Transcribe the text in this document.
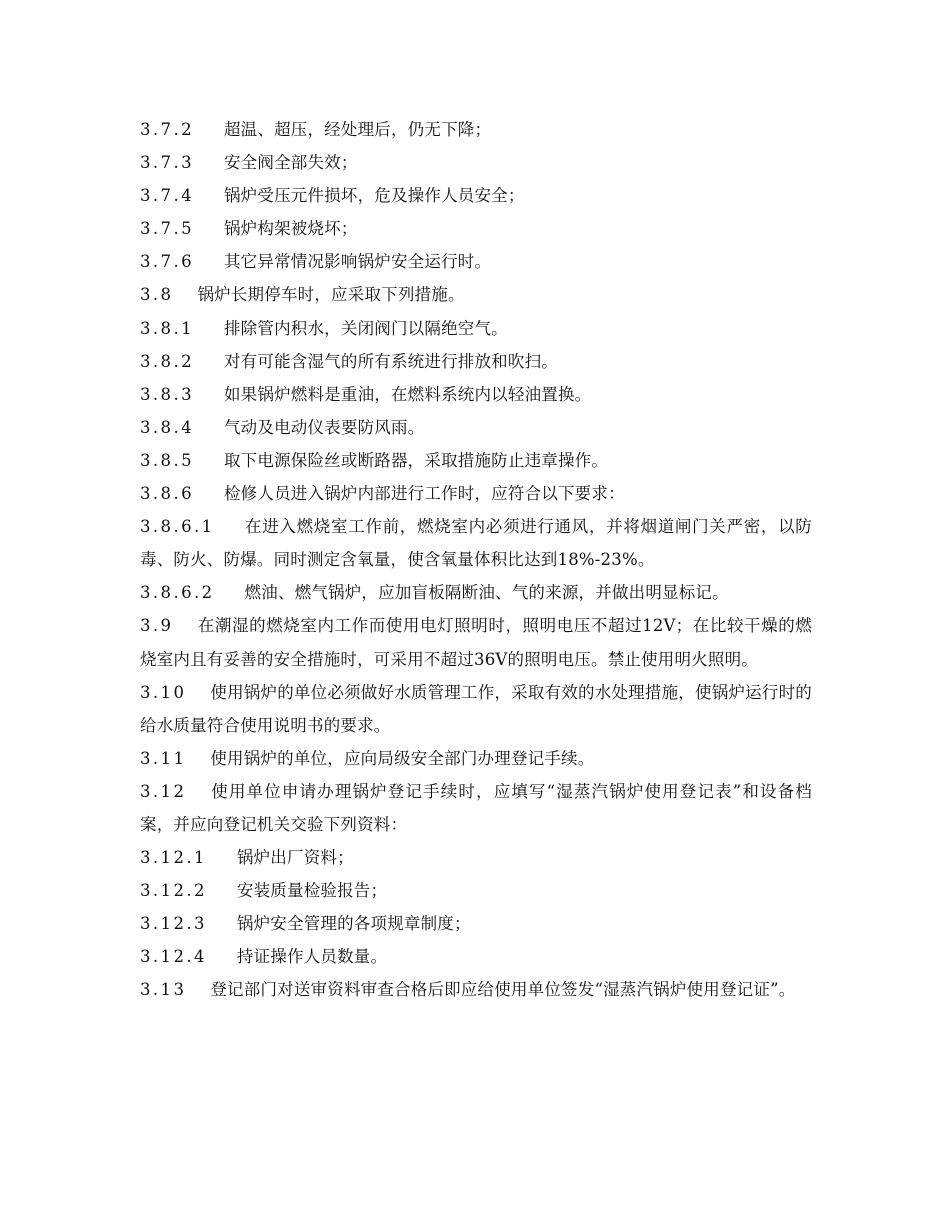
3.7.2 超温、超压，经处理后，仍无下降；

3.7.3 安全阀全部失效；

3.7.4 锅炉受压元件损坏，危及操作人员安全；

3.7.5 锅炉构架被烧坏；

3.7.6 其它异常情况影响锅炉安全运行时。

3.8 锅炉长期停车时，应采取下列措施。

3.8.1 排除管内积水，关闭阀门以隔绝空气。

3.8.2 对有可能含湿气的所有系统进行排放和吹扫。

3.8.3 如果锅炉燃料是重油，在燃料系统内以轻油置换。

3.8.4 气动及电动仪表要防风雨。

3.8.5 取下电源保险丝或断路器，采取措施防止违章操作。

3.8.6 检修人员进入锅炉内部进行工作时，应符合以下要求：

3.8.6.1 在进入燃烧室工作前，燃烧室内必须进行通风，并将烟道闸门关严密，以防毒、防火、防爆。同时测定含氧量，使含氧量体积比达到18%-23%。

3.8.6.2 燃油、燃气锅炉，应加盲板隔断油、气的来源，并做出明显标记。

3.9 在潮湿的燃烧室内工作而使用电灯照明时，照明电压不超过12V；在比较干燥的燃烧室内且有妥善的安全措施时，可采用不超过36V的照明电压。禁止使用明火照明。

3.10 使用锅炉的单位必须做好水质管理工作，采取有效的水处理措施，使锅炉运行时的给水质量符合使用说明书的要求。

3.11 使用锅炉的单位，应向局级安全部门办理登记手续。

3.12 使用单位申请办理锅炉登记手续时，应填写“湿蒸汽锅炉使用登记表”和设备档案，并应向登记机关交验下列资料：

3.12.1 锅炉出厂资料；

3.12.2 安装质量检验报告；

3.12.3 锅炉安全管理的各项规章制度；

3.12.4 持证操作人员数量。

3.13 登记部门对送审资料审查合格后即应给使用单位签发“湿蒸汽锅炉使用登记证”。
